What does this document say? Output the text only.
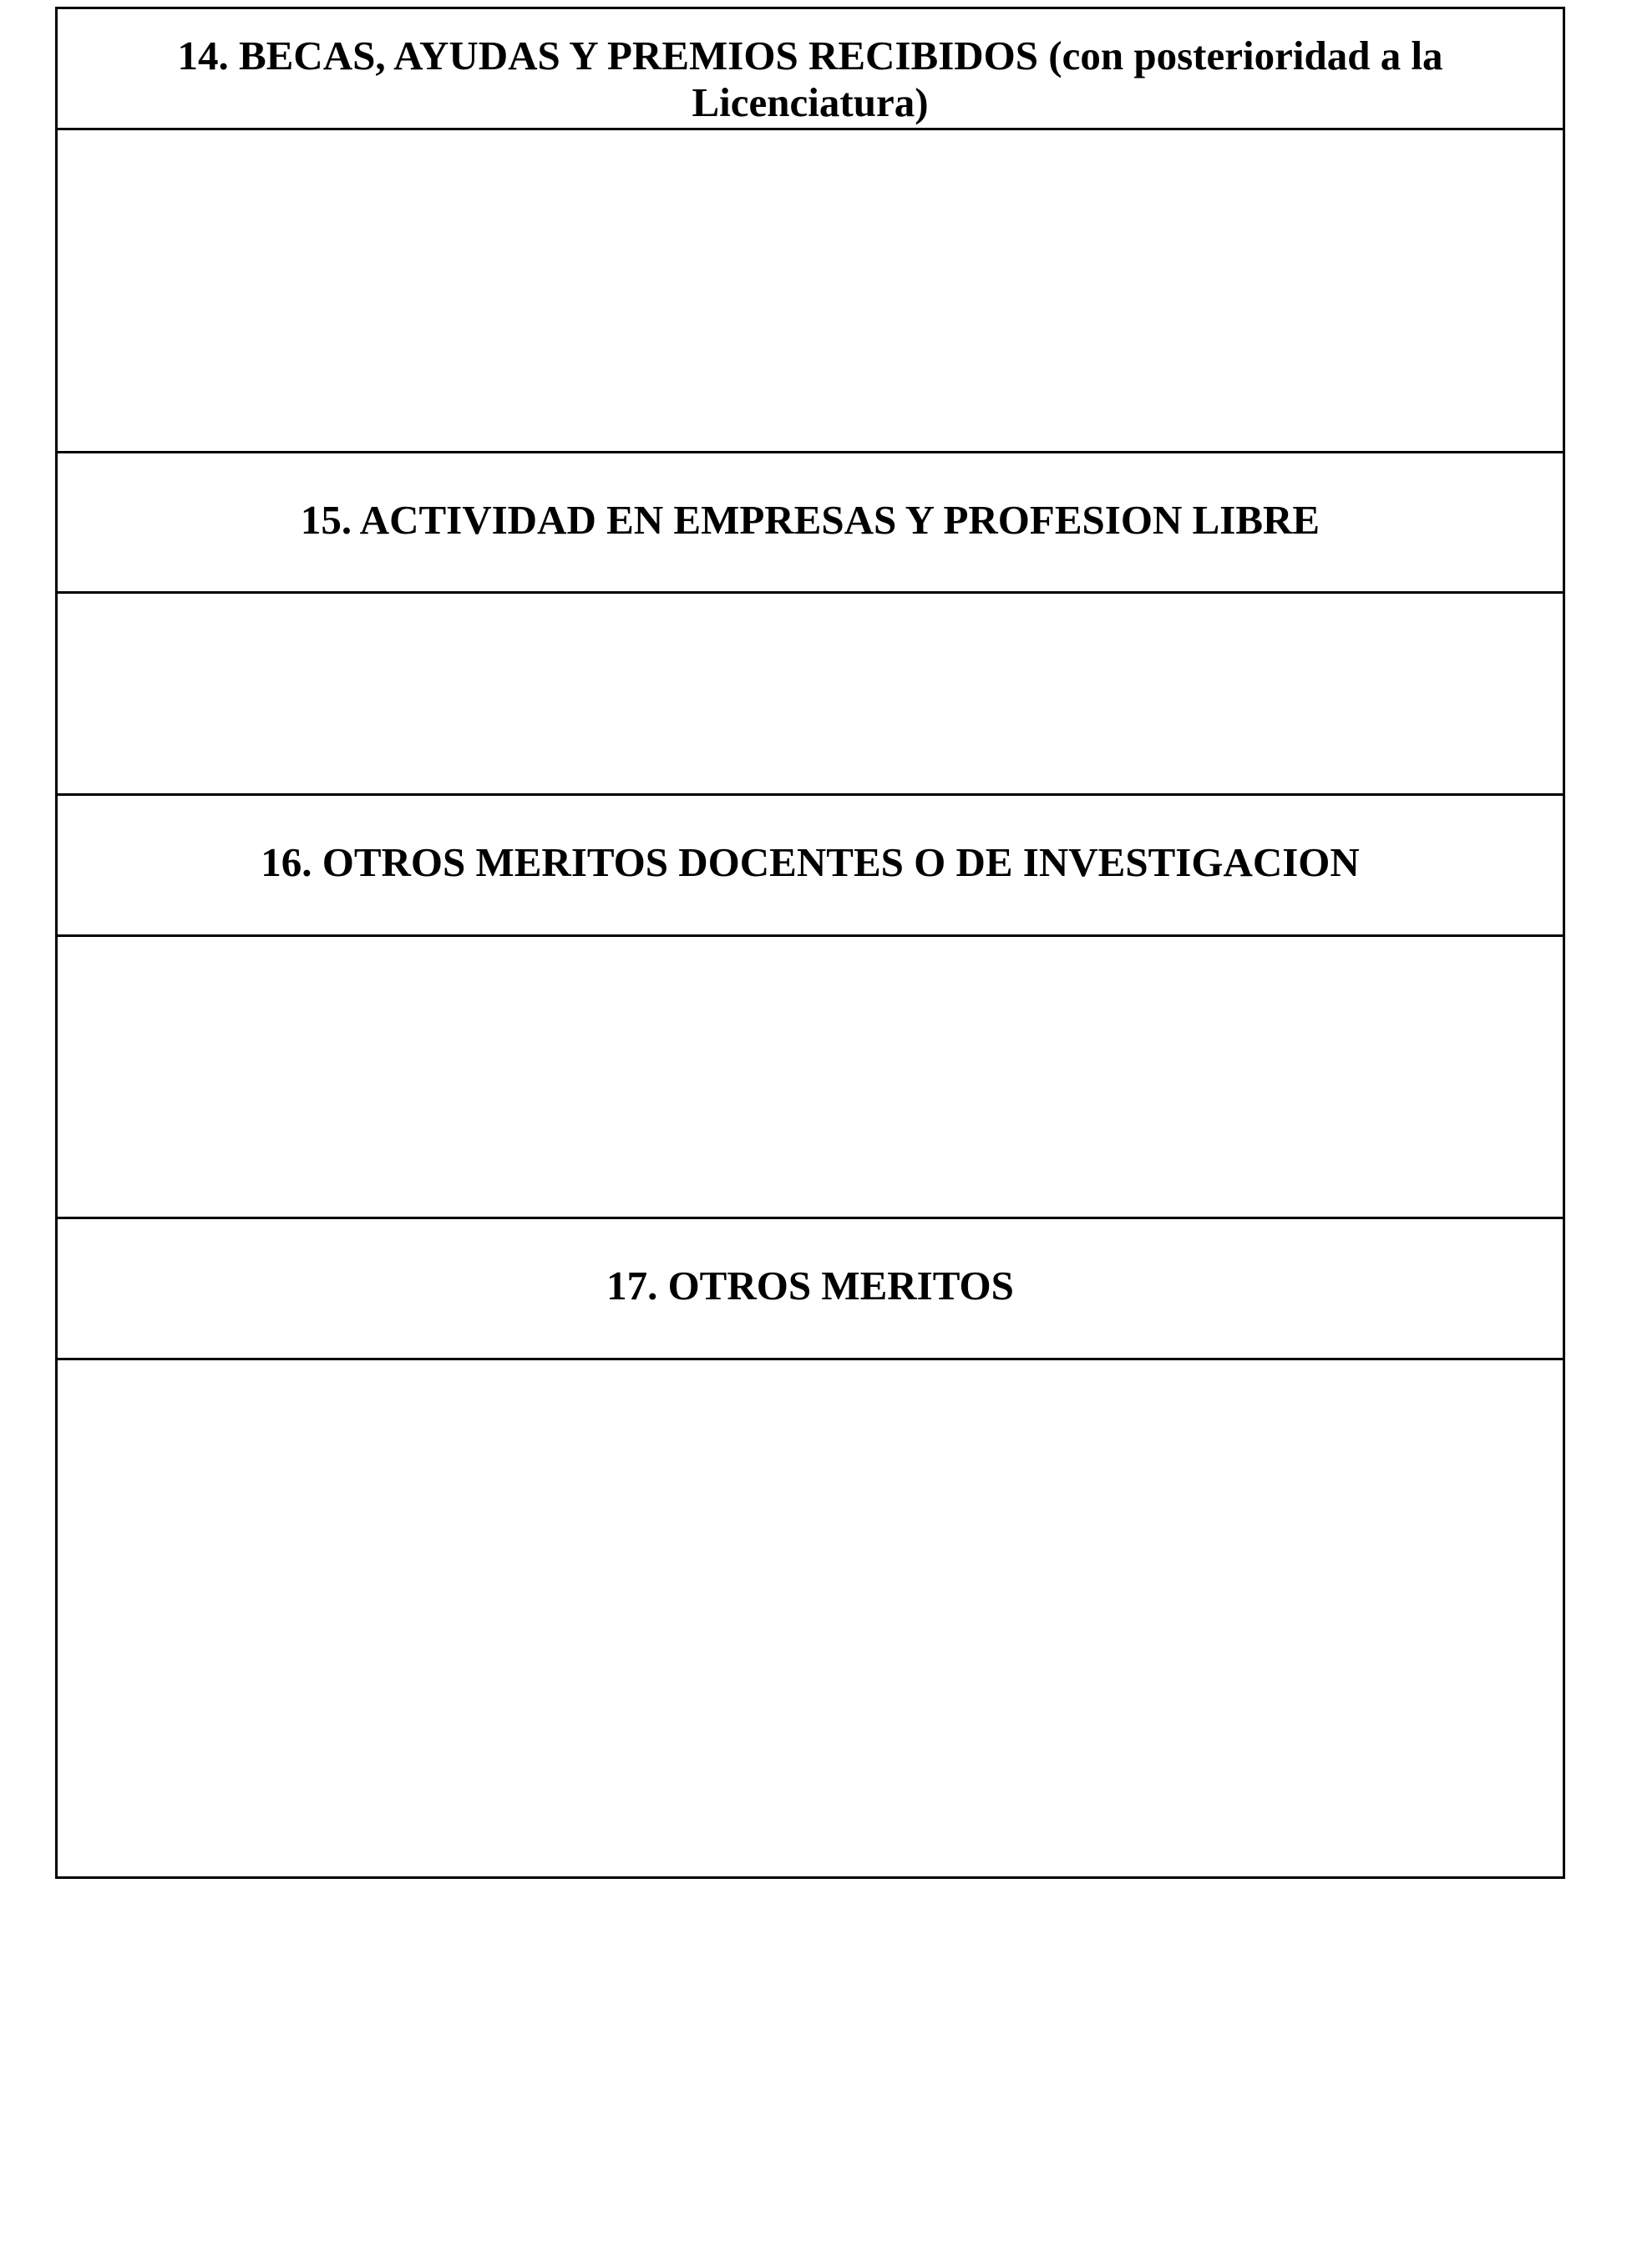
14. BECAS, AYUDAS Y PREMIOS RECIBIDOS (con posterioridad a la
Licenciatura)
15. ACTIVIDAD EN EMPRESAS Y PROFESION LIBRE
16. OTROS MERITOS DOCENTES O DE INVESTIGACION
17. OTROS MERITOS
